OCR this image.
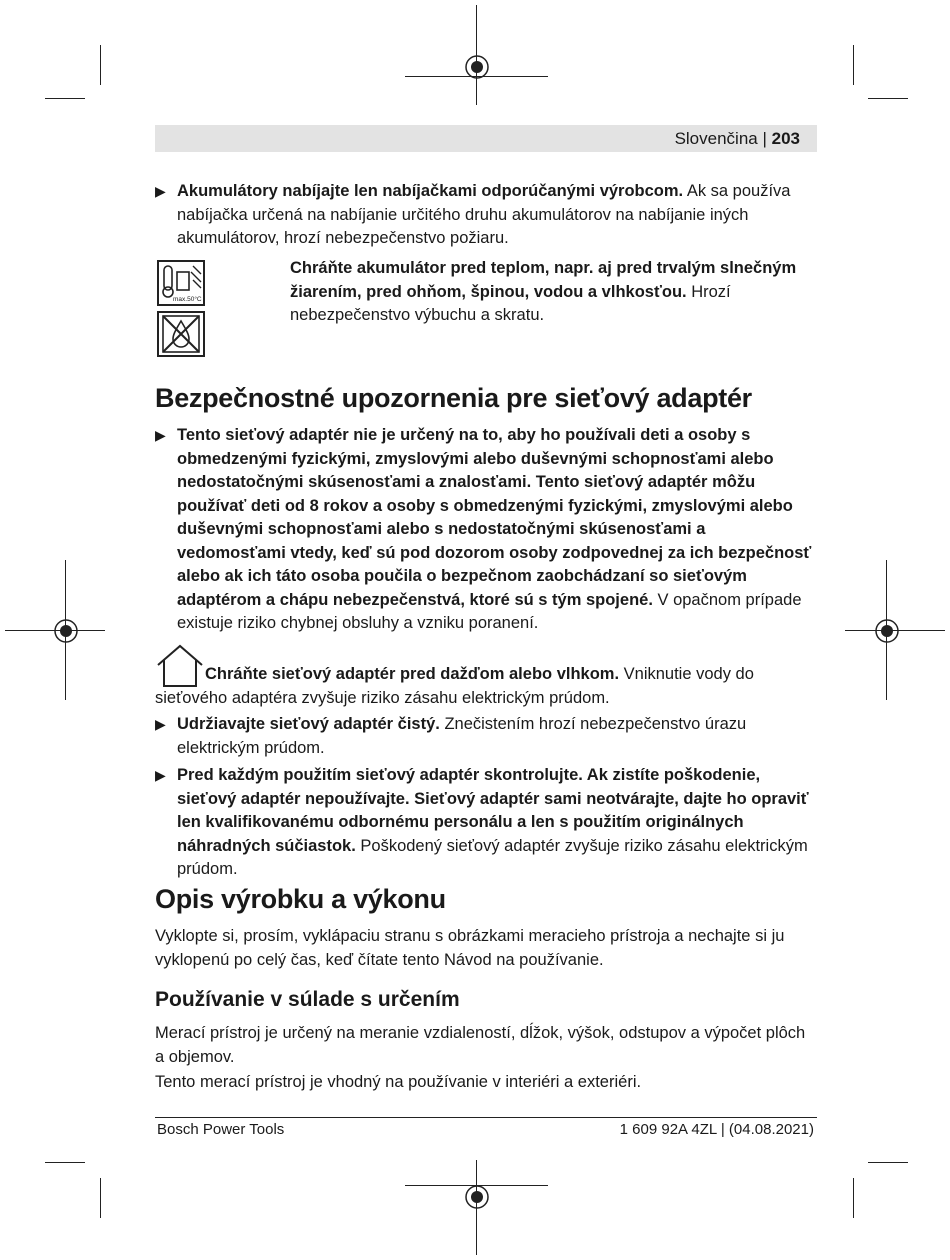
Slovenčina | 203
▶ Akumulátory nabíjajte len nabíjačkami odporúčanými výrobcom. Ak sa používa nabíjačka určená na nabíjanie určitého druhu akumulátorov na nabíjanie iných akumulátorov, hrozí nebezpečenstvo požiaru.
max.50°C

Chráňte akumulátor pred teplom, napr. aj pred trvalým slnečným žiarením, pred ohňom, špinou, vodou a vlhkosťou. Hrozí nebezpečenstvo výbuchu a skratu.

Bezpečnostné upozornenia pre sieťový adaptér
▶ Tento sieťový adaptér nie je určený na to, aby ho používali deti a osoby s obmedzenými fyzickými, zmyslovými alebo duševnými schopnosťami alebo nedostatočnými skúsenosťami a znalosťami. Tento sieťový adaptér môžu používať deti od 8 rokov a osoby s obmedzenými fyzickými, zmyslovými alebo duševnými schopnosťami alebo s nedostatočnými skúsenosťami a vedomosťami vtedy, keď sú pod dozorom osoby zodpovednej za ich bezpečnosť alebo ak ich táto osoba poučila o bezpečnom zaobchádzaní so sieťovým adaptérom a chápu nebezpečenstvá, ktoré sú s tým spojené. V opačnom prípade existuje riziko chybnej obsluhy a vzniku poranení.

Chráňte sieťový adaptér pred dažďom alebo vlhkom. Vniknutie vody do sieťového adaptéra zvyšuje riziko zásahu elektrickým prúdom.

▶ Udržiavajte sieťový adaptér čistý. Znečistením hrozí nebezpečenstvo úrazu elektrickým prúdom.
▶ Pred každým použitím sieťový adaptér skontrolujte. Ak zistíte poškodenie, sieťový adaptér nepoužívajte. Sieťový adaptér sami neotvárajte, dajte ho opraviť len kvalifikovanému odbornému personálu a len s použitím originálnych náhradných súčiastok. Poškodený sieťový adaptér zvyšuje riziko zásahu elektrickým prúdom.
Opis výrobku a výkonu

Vyklopte si, prosím, vyklápaciu stranu s obrázkami meracieho prístroja a nechajte si ju vyklopenú po celý čas, keď čítate tento Návod na používanie.

Používanie v súlade s určením

Merací prístroj je určený na meranie vzdialeností, dĺžok, výšok, odstupov a výpočet plôch a objemov.

Tento merací prístroj je vhodný na používanie v interiéri a exteriéri.

Bosch Power Tools	1 609 92A 4ZL | (04.08.2021)
